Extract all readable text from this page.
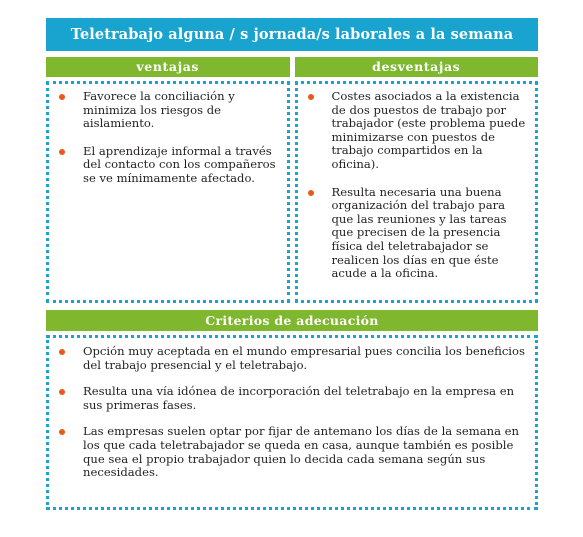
Teletrabajo alguna / s jornada/s laborales a la semana
ventajas
Favorece la conciliación y minimiza los riesgos de aislamiento.
El aprendizaje informal a través del contacto con los compañeros se ve mínimamente afectado.
desventajas
Costes asociados a la existencia de dos puestos de trabajo por trabajador (este problema puede minimizarse con puestos de trabajo compartidos en la oficina).
Resulta necesaria una buena organización del trabajo para que las reuniones y las tareas que precisen de la presencia física del teletrabajador se realicen los días en que éste acude a la oficina.
Criterios de adecuación
Opción muy aceptada en el mundo empresarial pues concilia los beneficios del trabajo presencial y el teletrabajo.
Resulta una vía idónea de incorporación del teletrabajo en la empresa en sus primeras fases.
Las empresas suelen optar por fijar de antemano los días de la semana en los que cada teletrabajador se queda en casa, aunque también es posible que sea el propio trabajador quien lo decida cada semana según sus necesidades.
